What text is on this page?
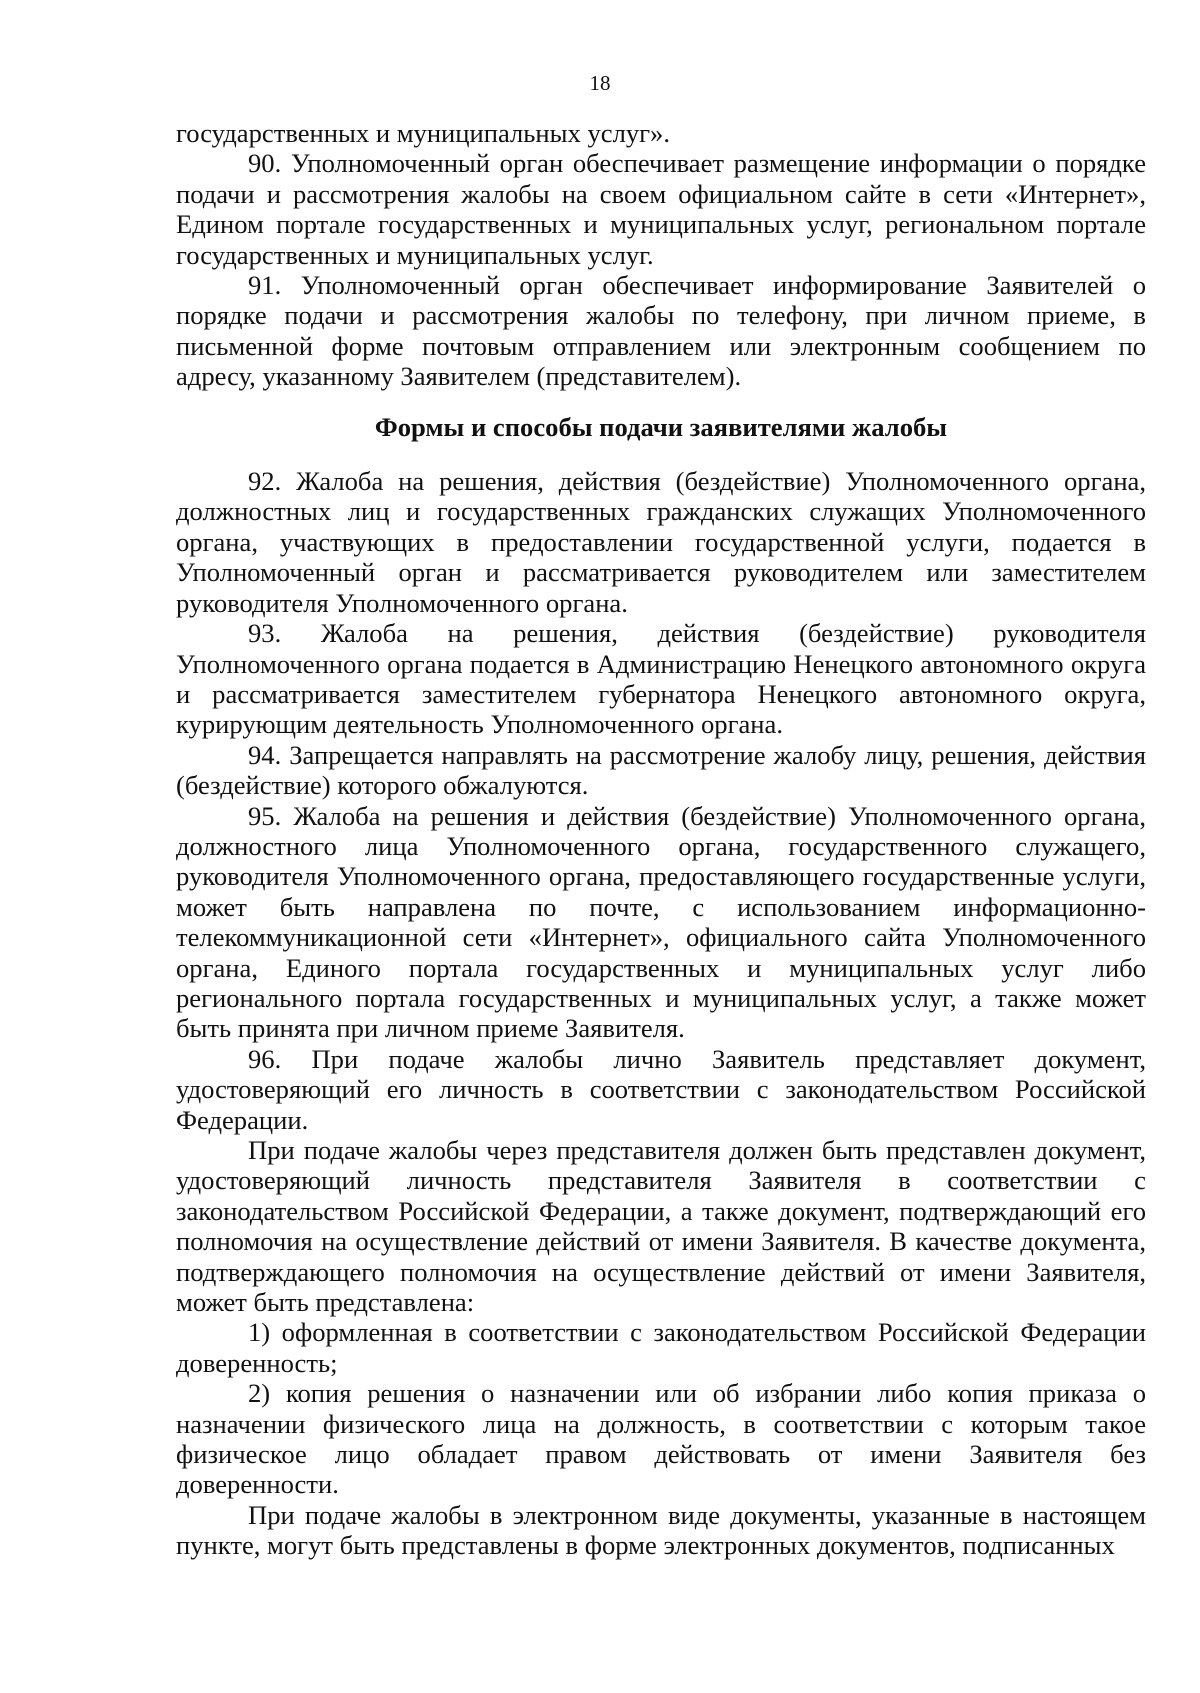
18

государственных и муниципальных услуг».

90. Уполномоченный орган обеспечивает размещение информации о порядке подачи и рассмотрения жалобы на своем официальном сайте в сети «Интернет», Едином портале государственных и муниципальных услуг, региональном портале государственных и муниципальных услуг.

91. Уполномоченный орган обеспечивает информирование Заявителей о порядке подачи и рассмотрения жалобы по телефону, при личном приеме, в письменной форме почтовым отправлением или электронным сообщением по адресу, указанному Заявителем (представителем).

Формы и способы подачи заявителями жалобы

92. Жалоба на решения, действия (бездействие) Уполномоченного органа, должностных лиц и государственных гражданских служащих Уполномоченного органа, участвующих в предоставлении государственной услуги, подается в Уполномоченный орган и рассматривается руководителем или заместителем руководителя Уполномоченного органа.

93. Жалоба на решения, действия (бездействие) руководителя Уполномоченного органа подается в Администрацию Ненецкого автономного округа и рассматривается заместителем губернатора Ненецкого автономного округа, курирующим деятельность Уполномоченного органа.

94. Запрещается направлять на рассмотрение жалобу лицу, решения, действия (бездействие) которого обжалуются.

95. Жалоба на решения и действия (бездействие) Уполномоченного органа, должностного лица Уполномоченного органа, государственного служащего, руководителя Уполномоченного органа, предоставляющего государственные услуги, может быть направлена по почте, с использованием информационно-телекоммуникационной сети «Интернет», официального сайта Уполномоченного органа, Единого портала государственных и муниципальных услуг либо регионального портала государственных и муниципальных услуг, а также может быть принята при личном приеме Заявителя.

96. При подаче жалобы лично Заявитель представляет документ, удостоверяющий его личность в соответствии с законодательством Российской Федерации.

При подаче жалобы через представителя должен быть представлен документ, удостоверяющий личность представителя Заявителя в соответствии с законодательством Российской Федерации, а также документ, подтверждающий его полномочия на осуществление действий от имени Заявителя. В качестве документа, подтверждающего полномочия на осуществление действий от имени Заявителя, может быть представлена:

1) оформленная в соответствии с законодательством Российской Федерации доверенность;

2) копия решения о назначении или об избрании либо копия приказа о назначении физического лица на должность, в соответствии с которым такое физическое лицо обладает правом действовать от имени Заявителя без доверенности.

При подаче жалобы в электронном виде документы, указанные в настоящем пункте, могут быть представлены в форме электронных документов, подписанных
